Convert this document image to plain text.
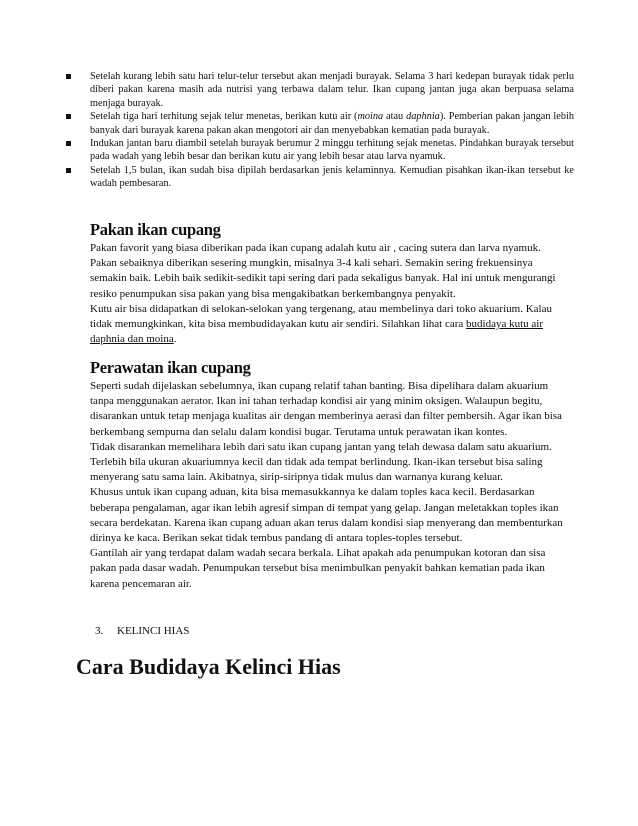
Setelah kurang lebih satu hari telur-telur tersebut akan menjadi burayak. Selama 3 hari kedepan burayak tidak perlu diberi pakan karena masih ada nutrisi yang terbawa dalam telur. Ikan cupang jantan juga akan berpuasa selama menjaga burayak.
Setelah tiga hari terhitung sejak telur menetas, berikan kutu air (moina atau daphnia). Pemberian pakan jangan lebih banyak dari burayak karena pakan akan mengotori air dan menyebabkan kematian pada burayak.
Indukan jantan baru diambil setelah burayak berumur 2 minggu terhitung sejak menetas. Pindahkan burayak tersebut pada wadah yang lebih besar dan berikan kutu air yang lebih besar atau larva nyamuk.
Setelah 1,5 bulan, ikan sudah bisa dipilah berdasarkan jenis kelaminnya. Kemudian pisahkan ikan-ikan tersebut ke wadah pembesaran.
Pakan ikan cupang

Pakan favorit yang biasa diberikan pada ikan cupang adalah kutu air , cacing sutera dan larva nyamuk. Pakan sebaiknya diberikan sesering mungkin, misalnya 3-4 kali sehari. Semakin sering frekuensinya semakin baik. Lebih baik sedikit-sedikit tapi sering dari pada sekaligus banyak. Hal ini untuk mengurangi resiko penumpukan sisa pakan yang bisa mengakibatkan berkembangnya penyakit.

Kutu air bisa didapatkan di selokan-selokan yang tergenang, atau membelinya dari toko akuarium. Kalau tidak memungkinkan, kita bisa membudidayakan kutu air sendiri. Silahkan lihat cara budidaya kutu air daphnia dan moina.

Perawatan ikan cupang

Seperti sudah dijelaskan sebelumnya, ikan cupang relatif tahan banting. Bisa dipelihara dalam akuarium tanpa menggunakan aerator. Ikan ini tahan terhadap kondisi air yang minim oksigen. Walaupun begitu, disarankan untuk tetap menjaga kualitas air dengan memberinya aerasi dan filter pembersih. Agar ikan bisa berkembang sempurna dan selalu dalam kondisi bugar. Terutama untuk perawatan ikan kontes.

Tidak disarankan memelihara lebih dari satu ikan cupang jantan yang telah dewasa dalam satu akuarium. Terlebih bila ukuran akuariumnya kecil dan tidak ada tempat berlindung. Ikan-ikan tersebut bisa saling menyerang satu sama lain. Akibatnya, sirip-siripnya tidak mulus dan warnanya kurang keluar.

Khusus untuk ikan cupang aduan, kita bisa memasukkannya ke dalam toples kaca kecil. Berdasarkan beberapa pengalaman, agar ikan lebih agresif simpan di tempat yang gelap. Jangan meletakkan toples ikan secara berdekatan. Karena ikan cupang aduan akan terus dalam kondisi siap menyerang dan membenturkan dirinya ke kaca. Berikan sekat tidak tembus pandang di antara toples-toples tersebut.

Gantilah air yang terdapat dalam wadah secara berkala. Lihat apakah ada penumpukan kotoran dan sisa pakan pada dasar wadah. Penumpukan tersebut bisa menimbulkan penyakit bahkan kematian pada ikan karena pencemaran air.

3. KELINCI HIAS
Cara Budidaya Kelinci Hias
